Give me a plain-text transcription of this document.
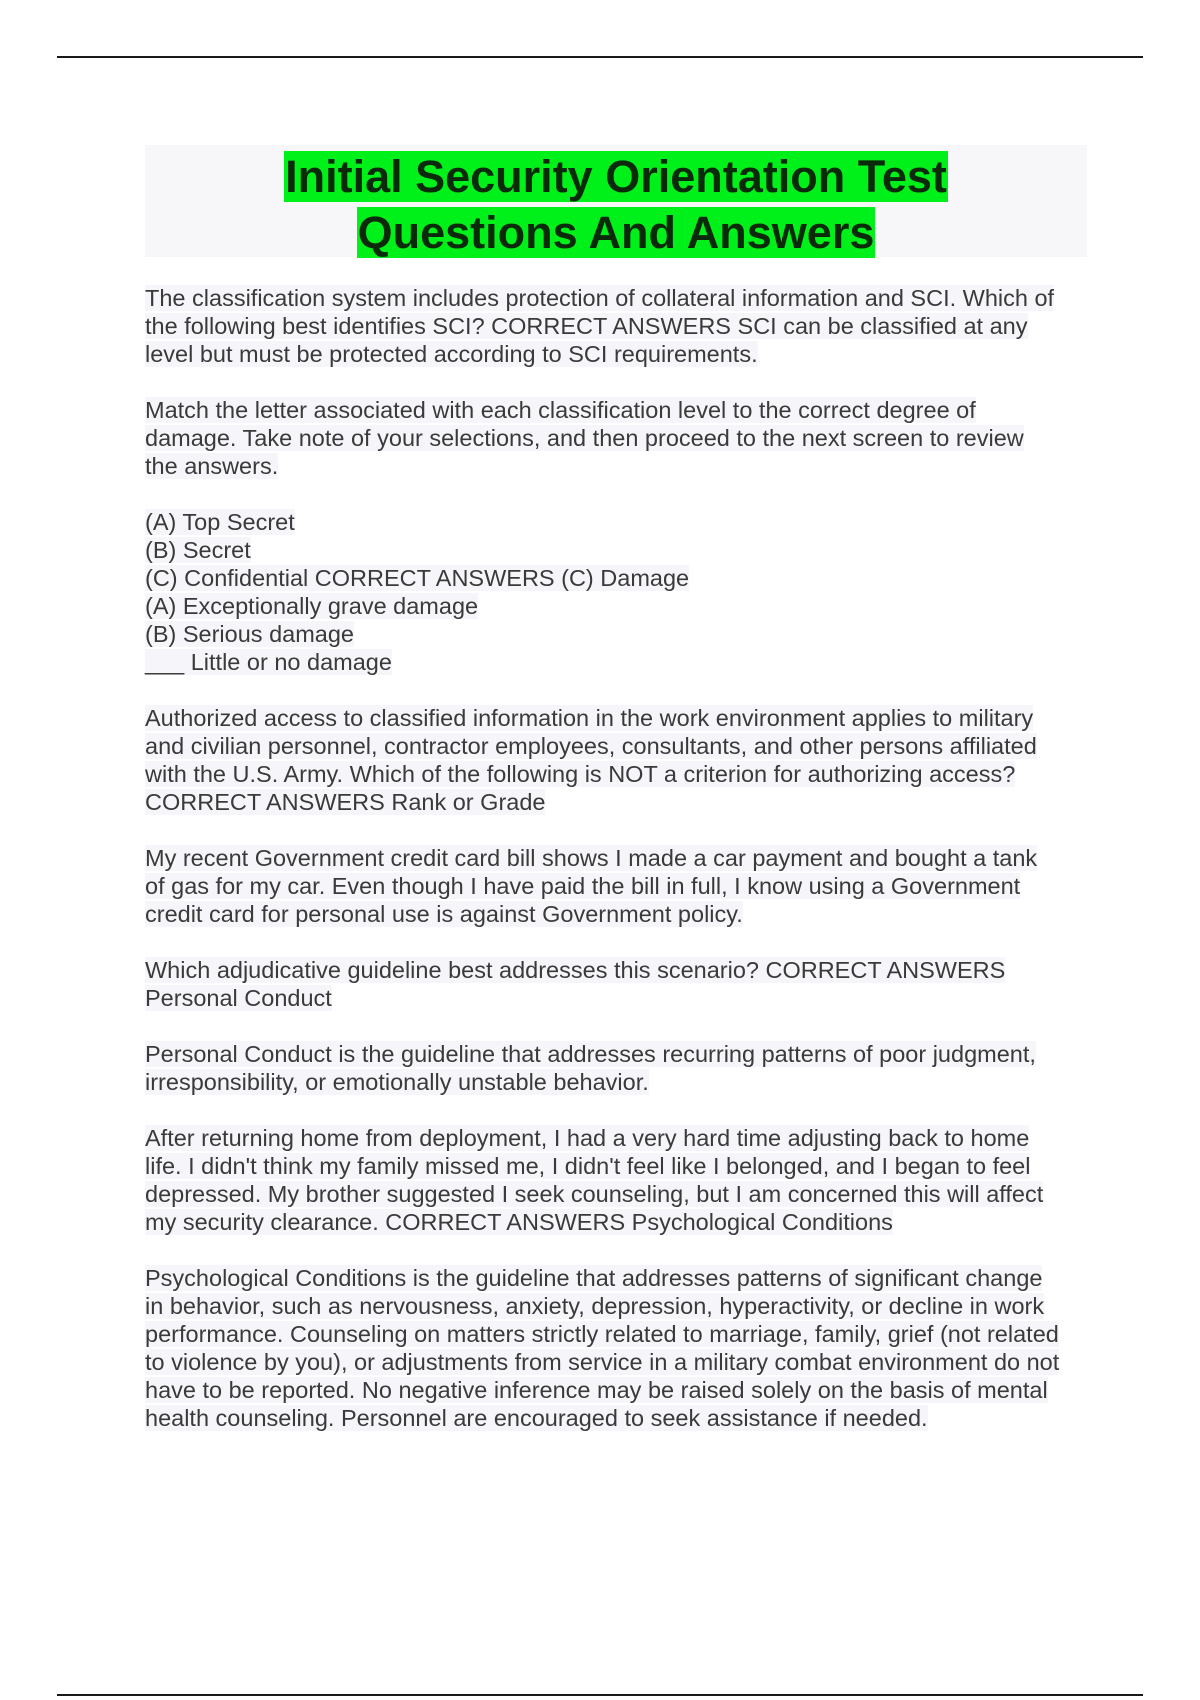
Initial Security Orientation Test
Questions And Answers

The classification system includes protection of collateral information and SCI. Which of
the following best identifies SCI? CORRECT ANSWERS SCI can be classified at any
level but must be protected according to SCI requirements.

Match the letter associated with each classification level to the correct degree of
damage. Take note of your selections, and then proceed to the next screen to review
the answers.

(A) Top Secret
(B) Secret
(C) Confidential CORRECT ANSWERS (C) Damage
(A) Exceptionally grave damage
(B) Serious damage
___ Little or no damage

Authorized access to classified information in the work environment applies to military
and civilian personnel, contractor employees, consultants, and other persons affiliated
with the U.S. Army. Which of the following is NOT a criterion for authorizing access?
CORRECT ANSWERS Rank or Grade

My recent Government credit card bill shows I made a car payment and bought a tank
of gas for my car. Even though I have paid the bill in full, I know using a Government
credit card for personal use is against Government policy.

Which adjudicative guideline best addresses this scenario? CORRECT ANSWERS
Personal Conduct

Personal Conduct is the guideline that addresses recurring patterns of poor judgment,
irresponsibility, or emotionally unstable behavior.

After returning home from deployment, I had a very hard time adjusting back to home
life. I didn't think my family missed me, I didn't feel like I belonged, and I began to feel
depressed. My brother suggested I seek counseling, but I am concerned this will affect
my security clearance. CORRECT ANSWERS Psychological Conditions

Psychological Conditions is the guideline that addresses patterns of significant change
in behavior, such as nervousness, anxiety, depression, hyperactivity, or decline in work
performance. Counseling on matters strictly related to marriage, family, grief (not related
to violence by you), or adjustments from service in a military combat environment do not
have to be reported. No negative inference may be raised solely on the basis of mental
health counseling. Personnel are encouraged to seek assistance if needed.
